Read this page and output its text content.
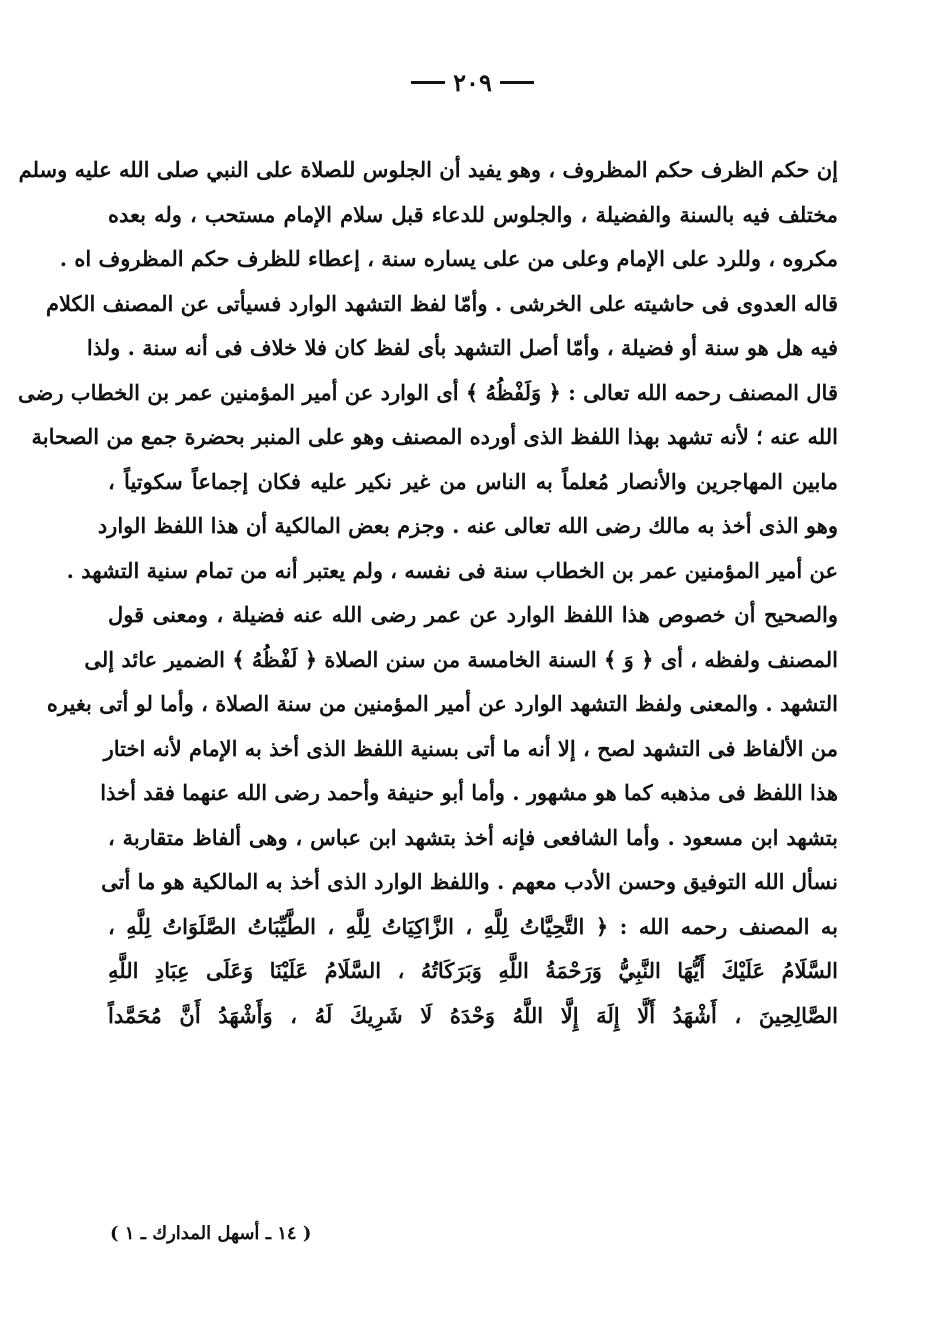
٢٠٩
إن حكم الظرف حكم المظروف ، وهو يفيد أن الجلوس للصلاة على النبي صلى الله عليه وسلم
مختلف فيه بالسنة والفضيلة ، والجلوس للدعاء قبل سلام الإمام مستحب ، وله بعده
مكروه ، وللرد على الإمام وعلى من على يساره سنة ، إعطاء للظرف حكم المظروف اه .
قاله العدوى فى حاشيته على الخرشى . وأمّا لفظ التشهد الوارد فسيأتى عن المصنف الكلام
فيه هل هو سنة أو فضيلة ، وأمّا أصل التشهد بأى لفظ كان فلا خلاف فى أنه سنة . ولذا
قال المصنف رحمه الله تعالى : ﴿ وَلَفْظُهُ ﴾ أى الوارد عن أمير المؤمنين عمر بن الخطاب رضى
الله عنه ؛ لأنه تشهد بهذا اللفظ الذى أورده المصنف وهو على المنبر بحضرة جمع من الصحابة
مابين المهاجرين والأنصار مُعلماً به الناس من غير نكير عليه فكان إجماعاً سكوتياً ،
وهو الذى أخذ به مالك رضى الله تعالى عنه . وجزم بعض المالكية أن هذا اللفظ الوارد
عن أمير المؤمنين عمر بن الخطاب سنة فى نفسه ، ولم يعتبر أنه من تمام سنية التشهد .
والصحيح أن خصوص هذا اللفظ الوارد عن عمر رضى الله عنه فضيلة ، ومعنى قول
المصنف ولفظه ، أى ﴿ وَ ﴾ السنة الخامسة من سنن الصلاة ﴿ لَفْظُهُ ﴾ الضمير عائد إلى
التشهد . والمعنى ولفظ التشهد الوارد عن أمير المؤمنين من سنة الصلاة ، وأما لو أتى بغيره
من الألفاظ فى التشهد لصح ، إلا أنه ما أتى بسنية اللفظ الذى أخذ به الإمام لأنه اختار
هذا اللفظ فى مذهبه كما هو مشهور . وأما أبو حنيفة وأحمد رضى الله عنهما فقد أخذا
بتشهد ابن مسعود . وأما الشافعى فإنه أخذ بتشهد ابن عباس ، وهى ألفاظ متقاربة ،
نسأل الله التوفيق وحسن الأدب معهم . واللفظ الوارد الذى أخذ به المالكية هو ما أتى
به المصنف رحمه الله : ﴿ التَّحِيَّاتُ لِلَّهِ ، الزَّاكِيَاتُ لِلَّهِ ، الطَّيِّبَاتُ الصَّلَوَاتُ لِلَّهِ ،
السَّلَامُ عَلَيْكَ أَيُّهَا النَّبِيُّ وَرَحْمَةُ اللَّهِ وَبَرَكَاتُهُ ، السَّلَامُ عَلَيْنَا وَعَلَى عِبَادِ اللَّهِ
الصَّالِحِينَ ، أَشْهَدُ أَلَّا إِلَهَ إِلَّا اللَّهُ وَحْدَهُ لَا شَرِيكَ لَهُ ، وَأَشْهَدُ أَنَّ مُحَمَّداً
( ١٤ ـ أسهل المدارك ـ ١ )
